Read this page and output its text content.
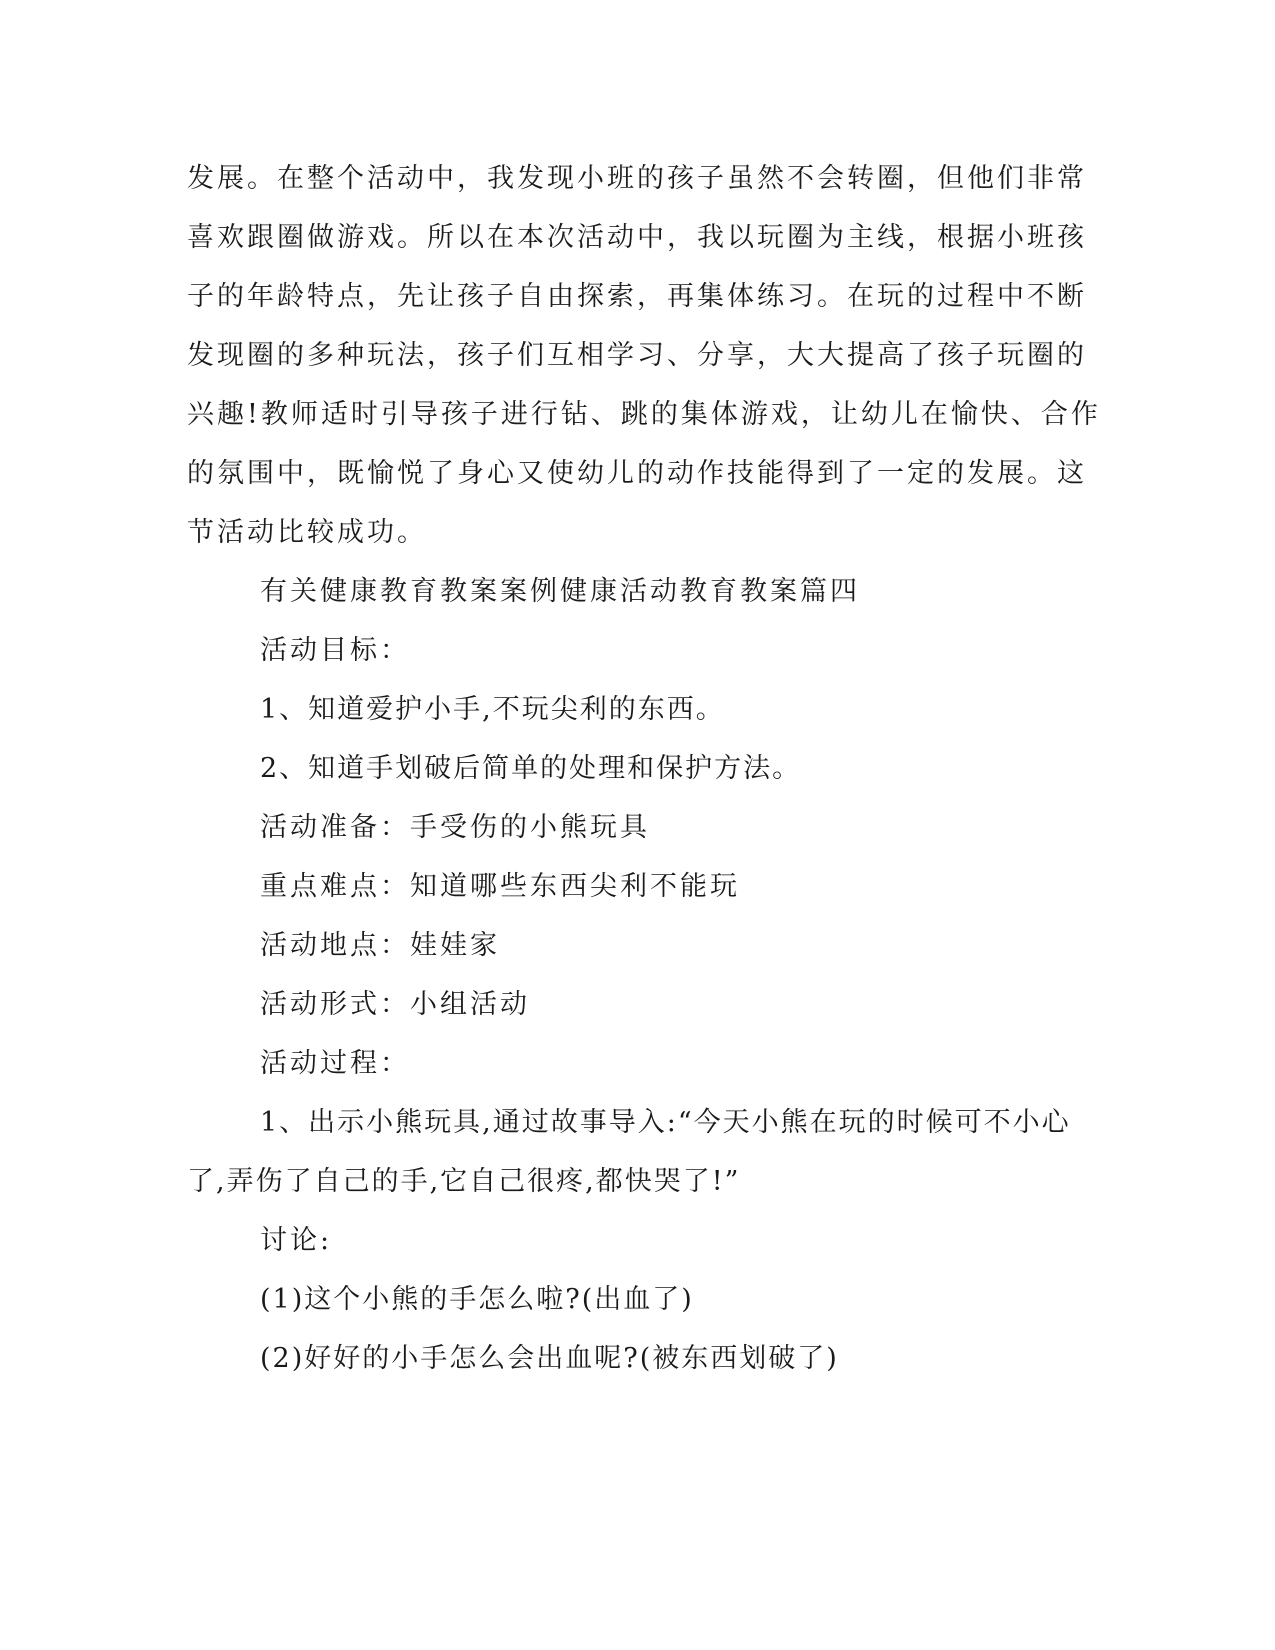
发展。在整个活动中，我发现小班的孩子虽然不会转圈，但他们非常
喜欢跟圈做游戏。所以在本次活动中，我以玩圈为主线，根据小班孩
子的年龄特点，先让孩子自由探索，再集体练习。在玩的过程中不断
发现圈的多种玩法，孩子们互相学习、分享，大大提高了孩子玩圈的
兴趣!教师适时引导孩子进行钻、跳的集体游戏，让幼儿在愉快、合作
的氛围中，既愉悦了身心又使幼儿的动作技能得到了一定的发展。这
节活动比较成功。
有关健康教育教案案例健康活动教育教案篇四
活动目标：
1、知道爱护小手,不玩尖利的东西。
2、知道手划破后简单的处理和保护方法。
活动准备：手受伤的小熊玩具
重点难点：知道哪些东西尖利不能玩
活动地点：娃娃家
活动形式：小组活动
活动过程：
1、出示小熊玩具,通过故事导入:“今天小熊在玩的时候可不小心
了,弄伤了自己的手,它自己很疼,都快哭了!”
讨论:
(1)这个小熊的手怎么啦?(出血了)
(2)好好的小手怎么会出血呢?(被东西划破了)
